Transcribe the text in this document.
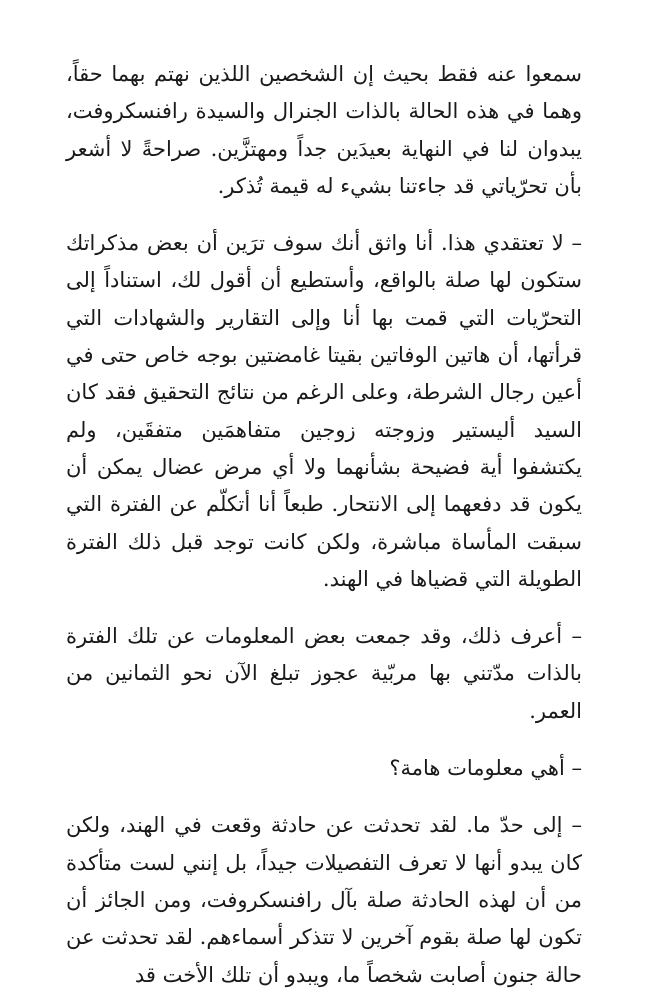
سمعوا عنه فقط بحيث إن الشخصين اللذين نهتم بهما حقاً، وهما في هذه الحالة بالذات الجنرال والسيدة رافنسكروفت، يبدوان لنا في النهاية بعيدَين جداً ومهتزَّين. صراحةً لا أشعر بأن تحرّياتي قد جاءتنا بشيء له قيمة تُذكر.

– لا تعتقدي هذا. أنا واثق أنك سوف ترَين أن بعض مذكراتك ستكون لها صلة بالواقع، وأستطيع أن أقول لك، استناداً إلى التحرّيات التي قمت بها أنا وإلى التقارير والشهادات التي قرأتها، أن هاتين الوفاتين بقيتا غامضتين بوجه خاص حتى في أعين رجال الشرطة، وعلى الرغم من نتائج التحقيق فقد كان السيد أليستير وزوجته زوجين متفاهمَين متفقَين، ولم يكتشفوا أية فضيحة بشأنهما ولا أي مرض عضال يمكن أن يكون قد دفعهما إلى الانتحار. طبعاً أنا أتكلّم عن الفترة التي سبقت المأساة مباشرة، ولكن كانت توجد قبل ذلك الفترة الطويلة التي قضياها في الهند.

– أعرف ذلك، وقد جمعت بعض المعلومات عن تلك الفترة بالذات مدّتني بها مربّية عجوز تبلغ الآن نحو الثمانين من العمر.

– أهي معلومات هامة؟

– إلى حدّ ما. لقد تحدثت عن حادثة وقعت في الهند، ولكن كان يبدو أنها لا تعرف التفصيلات جيداً، بل إنني لست متأكدة من أن لهذه الحادثة صلة بآل رافنسكروفت، ومن الجائز أن تكون لها صلة بقوم آخرين لا تتذكر أسماءهم. لقد تحدثت عن حالة جنون أصابت شخصاً ما، ويبدو أن تلك الأخت قد
